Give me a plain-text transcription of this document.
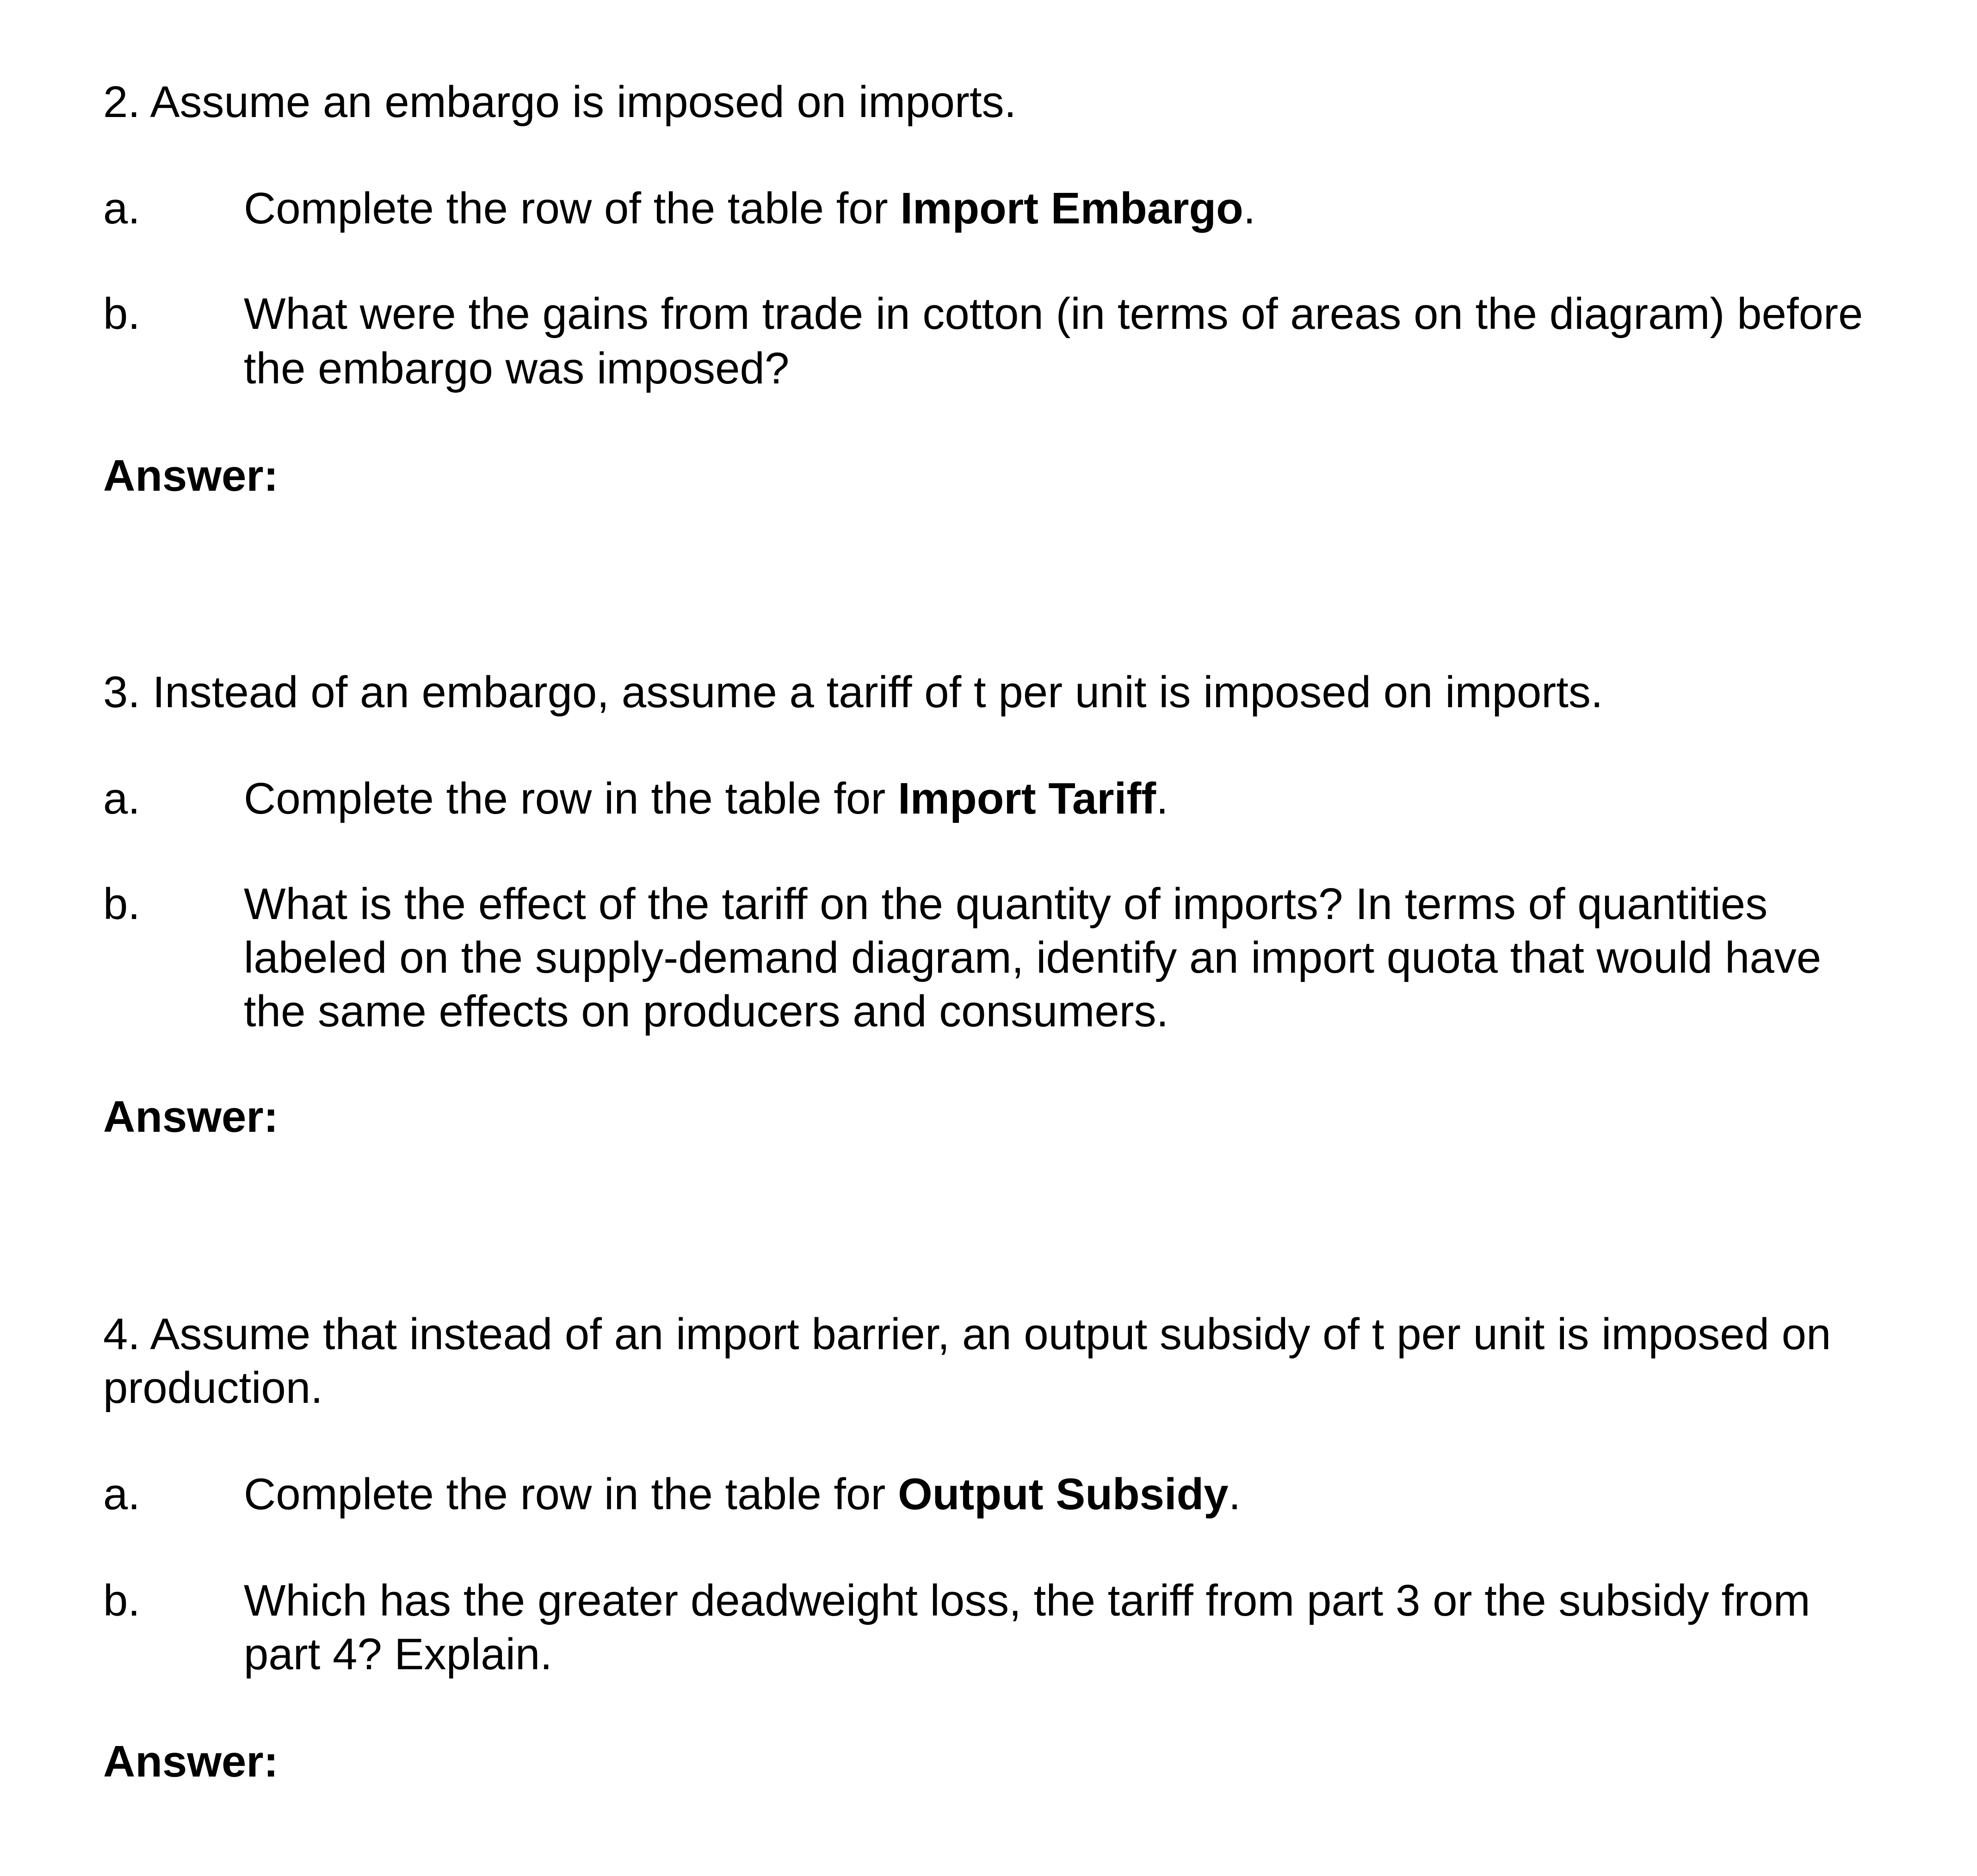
2. Assume an embargo is imposed on imports.

a. Complete the row of the table for Import Embargo.

b. What were the gains from trade in cotton (in terms of areas on the diagram) before

the embargo was imposed?

Answer:

3. Instead of an embargo, assume a tariff of t per unit is imposed on imports.

a. Complete the row in the table for Import Tariff.

b. What is the effect of the tariff on the quantity of imports? In terms of quantities

labeled on the supply-demand diagram, identify an import quota that would have

the same effects on producers and consumers.

Answer:

4. Assume that instead of an import barrier, an output subsidy of t per unit is imposed on

production.

a. Complete the row in the table for Output Subsidy.

b. Which has the greater deadweight loss, the tariff from part 3 or the subsidy from

part 4? Explain.

Answer:
